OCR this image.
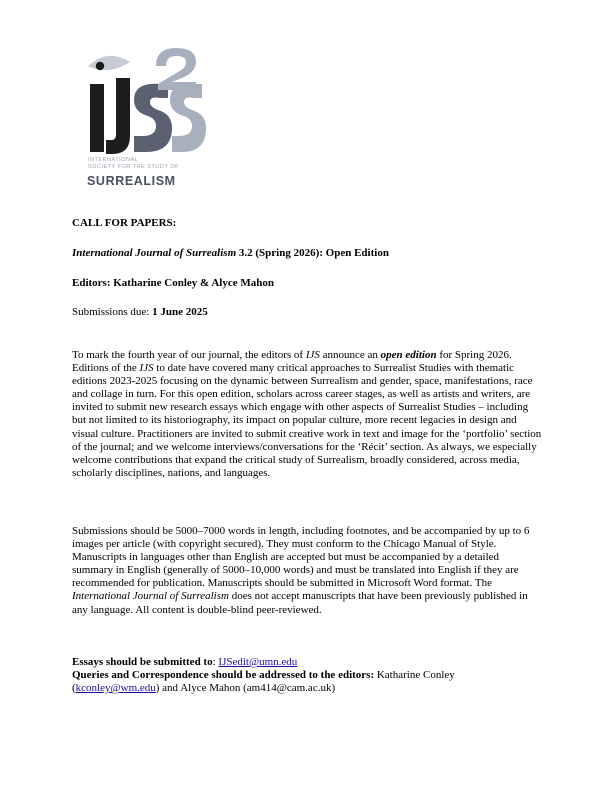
INTERNATIONAL
SOCIETY FOR THE STUDY OF
SURREALISM
CALL FOR PAPERS:
International Journal of Surrealism 3.2 (Spring 2026): Open Edition
Editors: Katharine Conley & Alyce Mahon
Submissions due: 1 June 2025

To mark the fourth year of our journal, the editors of IJS announce an open edition for Spring 2026. Editions of the IJS to date have covered many critical approaches to Surrealist Studies with thematic editions 2023-2025 focusing on the dynamic between Surrealism and gender, space, manifestations, race and collage in turn. For this open edition, scholars across career stages, as well as artists and writers, are invited to submit new research essays which engage with other aspects of Surrealist Studies – including but not limited to its historiography, its impact on popular culture, more recent legacies in design and visual culture. Practitioners are invited to submit creative work in text and image for the ‘portfolio’ section of the journal; and we welcome interviews/conversations for the ‘Récit’ section. As always, we especially welcome contributions that expand the critical study of Surrealism, broadly considered, across media, scholarly disciplines, nations, and languages.

Submissions should be 5000–7000 words in length, including footnotes, and be accompanied by up to 6 images per article (with copyright secured). They must conform to the Chicago Manual of Style. Manuscripts in languages other than English are accepted but must be accompanied by a detailed summary in English (generally of 5000–10,000 words) and must be translated into English if they are recommended for publication. Manuscripts should be submitted in Microsoft Word format. The International Journal of Surrealism does not accept manuscripts that have been previously published in any language. All content is double-blind peer-reviewed.

Essays should be submitted to: IJSedit@umn.edu
Queries and Correspondence should be addressed to the editors: Katharine Conley
(kconley@wm.edu) and Alyce Mahon (am414@cam.ac.uk)
